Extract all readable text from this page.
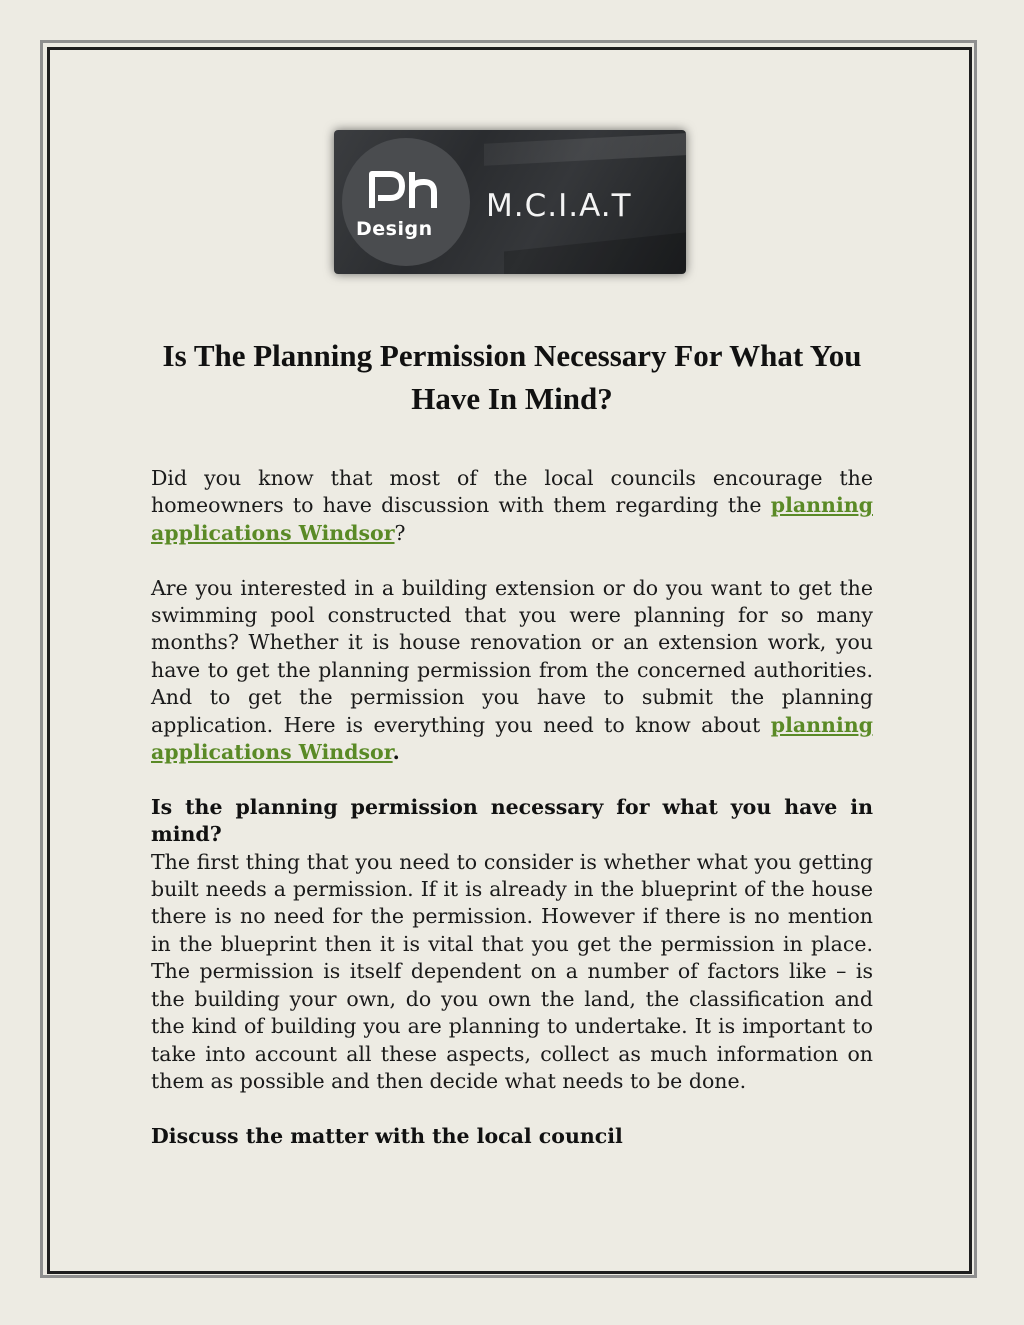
Design
M.C.I.A.T
Is The Planning Permission Necessary For What You Have In Mind?

Did you know that most of the local councils encourage the homeowners to have discussion with them regarding the planning applications Windsor?

Are you interested in a building extension or do you want to get the swimming pool constructed that you were planning for so many months? Whether it is house renovation or an extension work, you have to get the planning permission from the concerned authorities. And to get the permission you have to submit the planning application. Here is everything you need to know about planning applications Windsor.

Is the planning permission necessary for what you have in mind?

The first thing that you need to consider is whether what you getting built needs a permission. If it is already in the blueprint of the house there is no need for the permission. However if there is no mention in the blueprint then it is vital that you get the permission in place. The permission is itself dependent on a number of factors like – is the building your own, do you own the land, the classification and the kind of building you are planning to undertake. It is important to take into account all these aspects, collect as much information on them as possible and then decide what needs to be done.

Discuss the matter with the local council
